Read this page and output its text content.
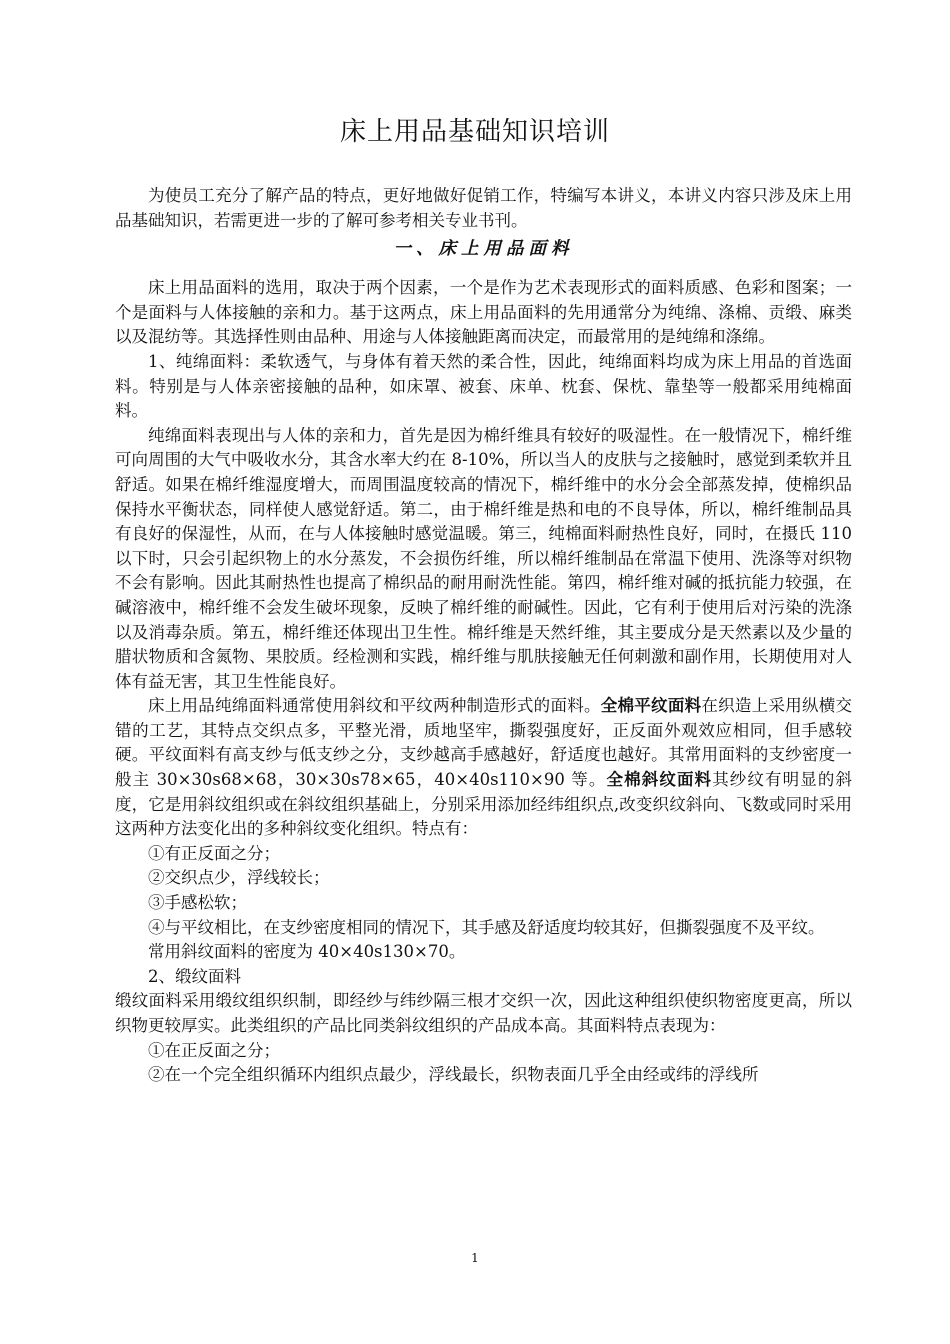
床上用品基础知识培训

为使员工充分了解产品的特点，更好地做好促销工作，特编写本讲义，本讲义内容只涉及床上用品基础知识，若需更进一步的了解可参考相关专业书刊。

一、床上用品面料

床上用品面料的选用，取决于两个因素，一个是作为艺术表现形式的面料质感、色彩和图案；一个是面料与人体接触的亲和力。基于这两点，床上用品面料的先用通常分为纯绵、涤棉、贡缎、麻类以及混纺等。其选择性则由品种、用途与人体接触距离而决定，而最常用的是纯绵和涤绵。

1、纯绵面料：柔软透气，与身体有着天然的柔合性，因此，纯绵面料均成为床上用品的首选面料。特别是与人体亲密接触的品种，如床罩、被套、床单、枕套、保枕、靠垫等一般都采用纯棉面料。

纯绵面料表现出与人体的亲和力，首先是因为棉纤维具有较好的吸湿性。在一般情况下，棉纤维可向周围的大气中吸收水分，其含水率大约在 8-10%，所以当人的皮肤与之接触时，感觉到柔软并且舒适。如果在棉纤维湿度增大，而周围温度较高的情况下，棉纤维中的水分会全部蒸发掉，使棉织品保持水平衡状态，同样使人感觉舒适。第二，由于棉纤维是热和电的不良导体，所以，棉纤维制品具有良好的保湿性，从而，在与人体接触时感觉温暖。第三，纯棉面料耐热性良好，同时，在摄氏 110 以下时，只会引起织物上的水分蒸发，不会损伤纤维，所以棉纤维制品在常温下使用、洗涤等对织物不会有影响。因此其耐热性也提高了棉织品的耐用耐洗性能。第四，棉纤维对碱的抵抗能力较强，在碱溶液中，棉纤维不会发生破坏现象，反映了棉纤维的耐碱性。因此，它有利于使用后对污染的洗涤以及消毒杂质。第五，棉纤维还体现出卫生性。棉纤维是天然纤维，其主要成分是天然素以及少量的腊状物质和含氮物、果胶质。经检测和实践，棉纤维与肌肤接触无任何刺激和副作用，长期使用对人体有益无害，其卫生性能良好。

床上用品纯绵面料通常使用斜纹和平纹两种制造形式的面料。全棉平纹面料在织造上采用纵横交错的工艺，其特点交织点多，平整光滑，质地坚牢，撕裂强度好，正反面外观效应相同，但手感较硬。平纹面料有高支纱与低支纱之分，支纱越高手感越好，舒适度也越好。其常用面料的支纱密度一般主 30×30s68×68，30×30s78×65，40×40s110×90 等。全棉斜纹面料其纱纹有明显的斜度，它是用斜纹组织或在斜纹组织基础上，分别采用添加经纬组织点,改变织纹斜向、飞数或同时采用这两种方法变化出的多种斜纹变化组织。特点有：

①有正反面之分；

②交织点少，浮线较长；

③手感松软；

④与平纹相比，在支纱密度相同的情况下，其手感及舒适度均较其好，但撕裂强度不及平纹。

常用斜纹面料的密度为 40×40s130×70。

2、缎纹面料

缎纹面料采用缎纹组织织制，即经纱与纬纱隔三根才交织一次，因此这种组织使织物密度更高，所以织物更较厚实。此类组织的产品比同类斜纹组织的产品成本高。其面料特点表现为：

①在正反面之分；

②在一个完全组织循环内组织点最少，浮线最长，织物表面几乎全由经或纬的浮线所

1
